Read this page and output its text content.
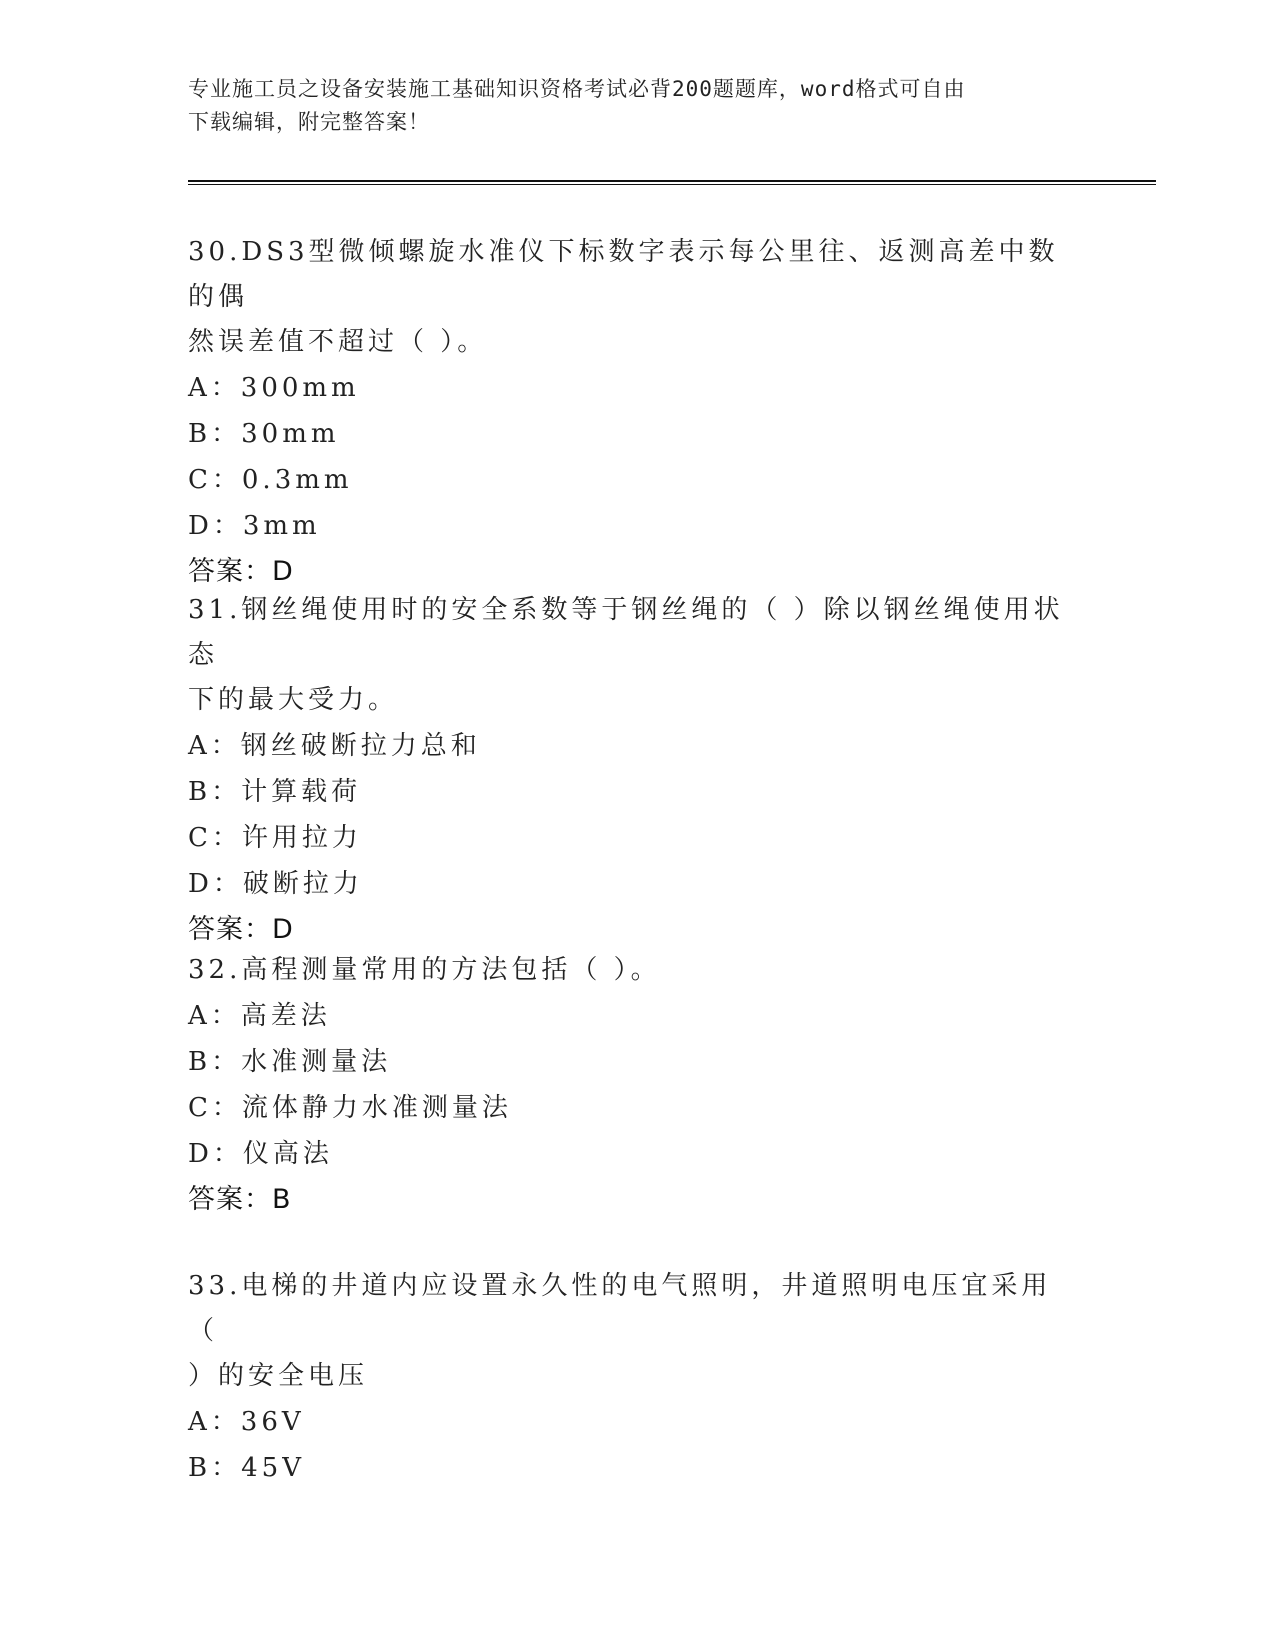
专业施工员之设备安装施工基础知识资格考试必背200题题库，word格式可自由
下载编辑，附完整答案！
30.DS3型微倾螺旋水准仪下标数字表示每公里往、返测高差中数的偶
然误差值不超过（ ）。
A：300mm
B：30mm
C：0.3mm
D：3mm
答案：D
31.钢丝绳使用时的安全系数等于钢丝绳的（ ）除以钢丝绳使用状态
下的最大受力。
A：钢丝破断拉力总和
B：计算载荷
C：许用拉力
D：破断拉力
答案：D
32.高程测量常用的方法包括（ ）。
A：高差法
B：水准测量法
C：流体静力水准测量法
D：仪高法
答案：B
33.电梯的井道内应设置永久性的电气照明，井道照明电压宜采用（
）的安全电压
A：36V
B：45V
